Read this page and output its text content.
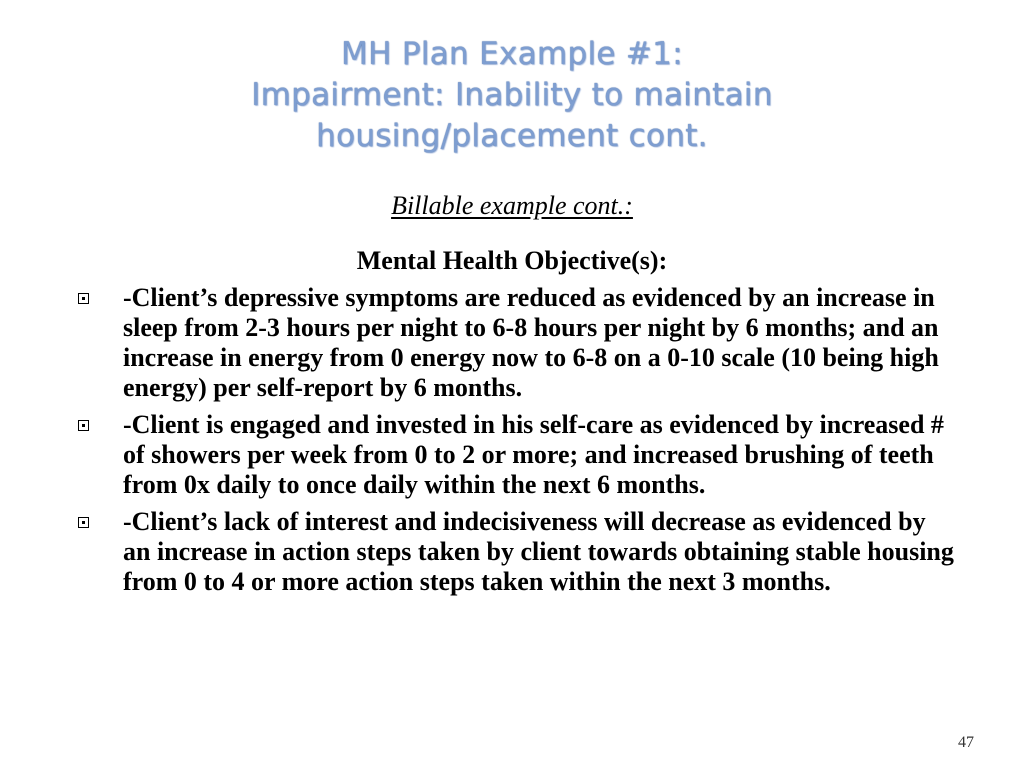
MH Plan Example #1:
Impairment: Inability to maintain
housing/placement cont.
Billable example cont.:
Mental Health Objective(s):
-Client’s depressive symptoms are reduced as evidenced by an increase in sleep from 2-3 hours per night to 6-8 hours per night by 6 months; and an increase in energy from 0 energy now to 6-8 on a 0-10 scale (10 being high energy) per self-report by 6 months.
-Client is engaged and invested in his self-care as evidenced by increased # of showers per week from 0 to 2 or more; and increased brushing of teeth from 0x daily to once daily within the next 6 months.
-Client’s lack of interest and indecisiveness will decrease as evidenced by an increase in action steps taken by client towards obtaining stable housing from 0 to 4 or more action steps taken within the next 3 months.
47
